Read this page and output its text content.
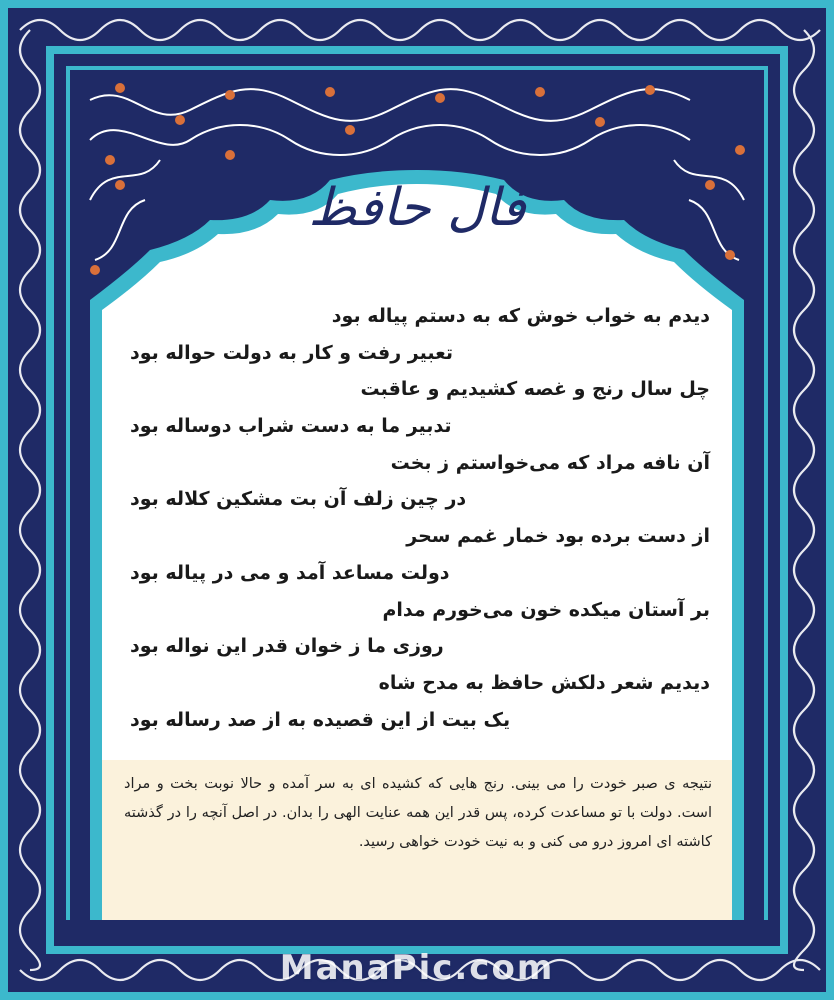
فال حافظ
دیدم به خواب خوش که به دستم پیاله بود
تعبیر رفت و کار به دولت حواله بود
چل سال رنج و غصه کشیدیم و عاقبت
تدبیر ما به دست شراب دوساله بود
آن نافه مراد که می‌خواستم ز بخت
در چین زلف آن بت مشکین کلاله بود
از دست برده بود خمار غمم سحر
دولت مساعد آمد و می در پیاله بود
بر آستان میکده خون می‌خورم مدام
روزی ما ز خوان قدر این نواله بود
دیدیم شعر دلکش حافظ به مدح شاه
یک بیت از این قصیده به از صد رساله بود
نتیجه ی صبر خودت را می بینی. رنج هایی که کشیده ای به سر آمده و حالا نوبت بخت و مراد است. دولت با تو مساعدت کرده، پس قدر این همه عنایت الهی را بدان. در اصل آنچه را در گذشته کاشته ای امروز درو می کنی و به نیت خودت خواهی رسید.
ManaPic.com
